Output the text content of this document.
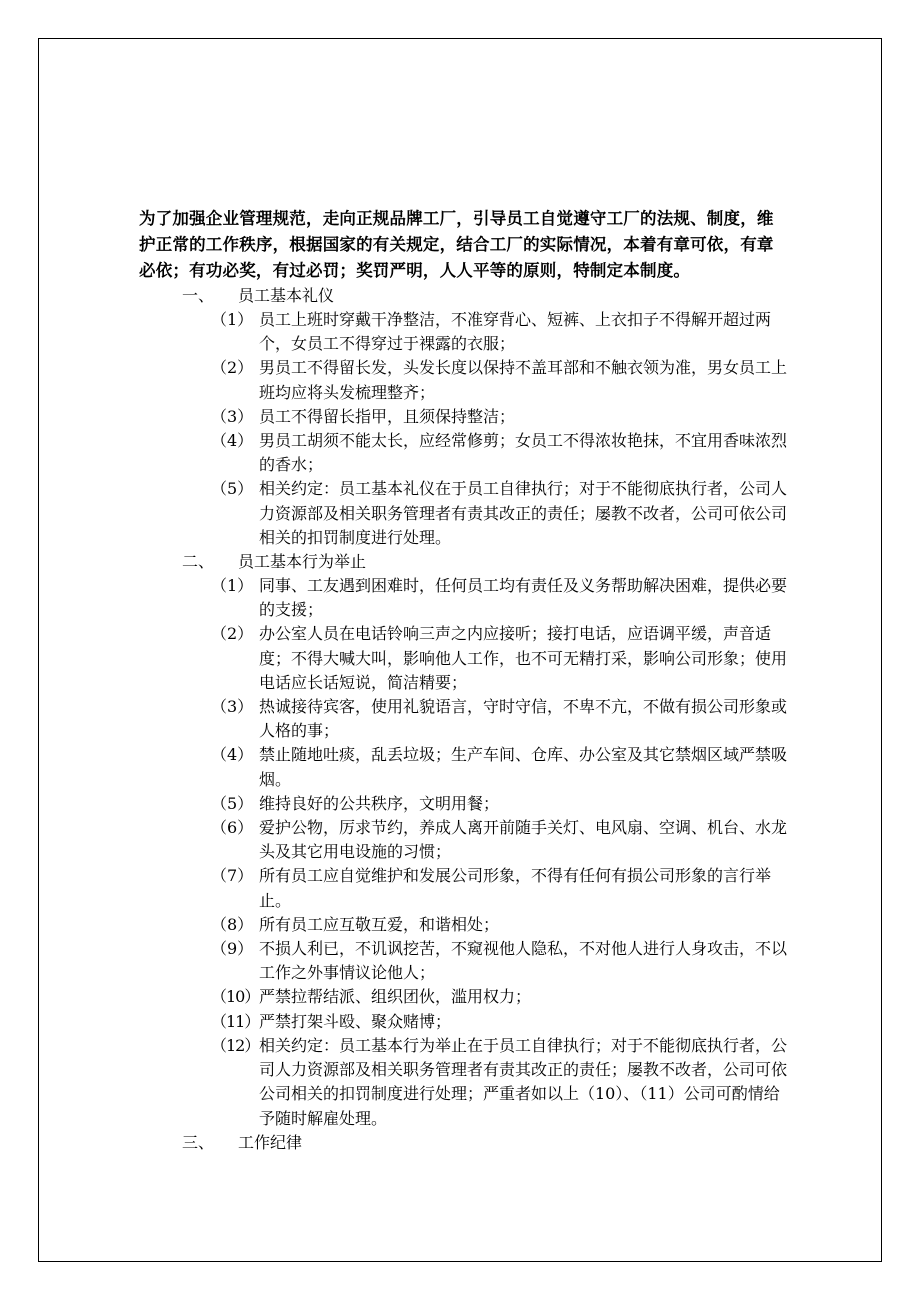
为了加强企业管理规范，走向正规品牌工厂，引导员工自觉遵守工厂的法规、制度，维护正常的工作秩序，根据国家的有关规定，结合工厂的实际情况，本着有章可依，有章必依；有功必奖，有过必罚；奖罚严明，人人平等的原则，特制定本制度。

一、 员工基本礼仪

（1） 员工上班时穿戴干净整洁，不准穿背心、短裤、上衣扣子不得解开超过两个，女员工不得穿过于裸露的衣服；

（2） 男员工不得留长发，头发长度以保持不盖耳部和不触衣领为准，男女员工上班均应将头发梳理整齐；

（3） 员工不得留长指甲，且须保持整洁；

（4） 男员工胡须不能太长，应经常修剪；女员工不得浓妆艳抹，不宜用香味浓烈的香水；

（5） 相关约定：员工基本礼仪在于员工自律执行；对于不能彻底执行者，公司人力资源部及相关职务管理者有责其改正的责任；屡教不改者，公司可依公司相关的扣罚制度进行处理。

二、 员工基本行为举止

（1） 同事、工友遇到困难时，任何员工均有责任及义务帮助解决困难，提供必要的支援；

（2） 办公室人员在电话铃响三声之内应接听；接打电话，应语调平缓，声音适度；不得大喊大叫，影响他人工作，也不可无精打采，影响公司形象；使用电话应长话短说，简洁精要；

（3） 热诚接待宾客，使用礼貌语言，守时守信，不卑不亢，不做有损公司形象或人格的事；

（4） 禁止随地吐痰，乱丢垃圾；生产车间、仓库、办公室及其它禁烟区域严禁吸烟。

（5） 维持良好的公共秩序，文明用餐；

（6） 爱护公物，厉求节约，养成人离开前随手关灯、电风扇、空调、机台、水龙头及其它用电设施的习惯；

（7） 所有员工应自觉维护和发展公司形象，不得有任何有损公司形象的言行举止。

（8） 所有员工应互敬互爱，和谐相处；

（9） 不损人利已，不讥讽挖苦，不窥视他人隐私，不对他人进行人身攻击，不以工作之外事情议论他人；

（10） 严禁拉帮结派、组织团伙，滥用权力；

（11） 严禁打架斗殴、聚众赌博；

（12） 相关约定：员工基本行为举止在于员工自律执行；对于不能彻底执行者，公司人力资源部及相关职务管理者有责其改正的责任；屡教不改者，公司可依公司相关的扣罚制度进行处理；严重者如以上（10）、（11）公司可酌情给予随时解雇处理。

三、 工作纪律
